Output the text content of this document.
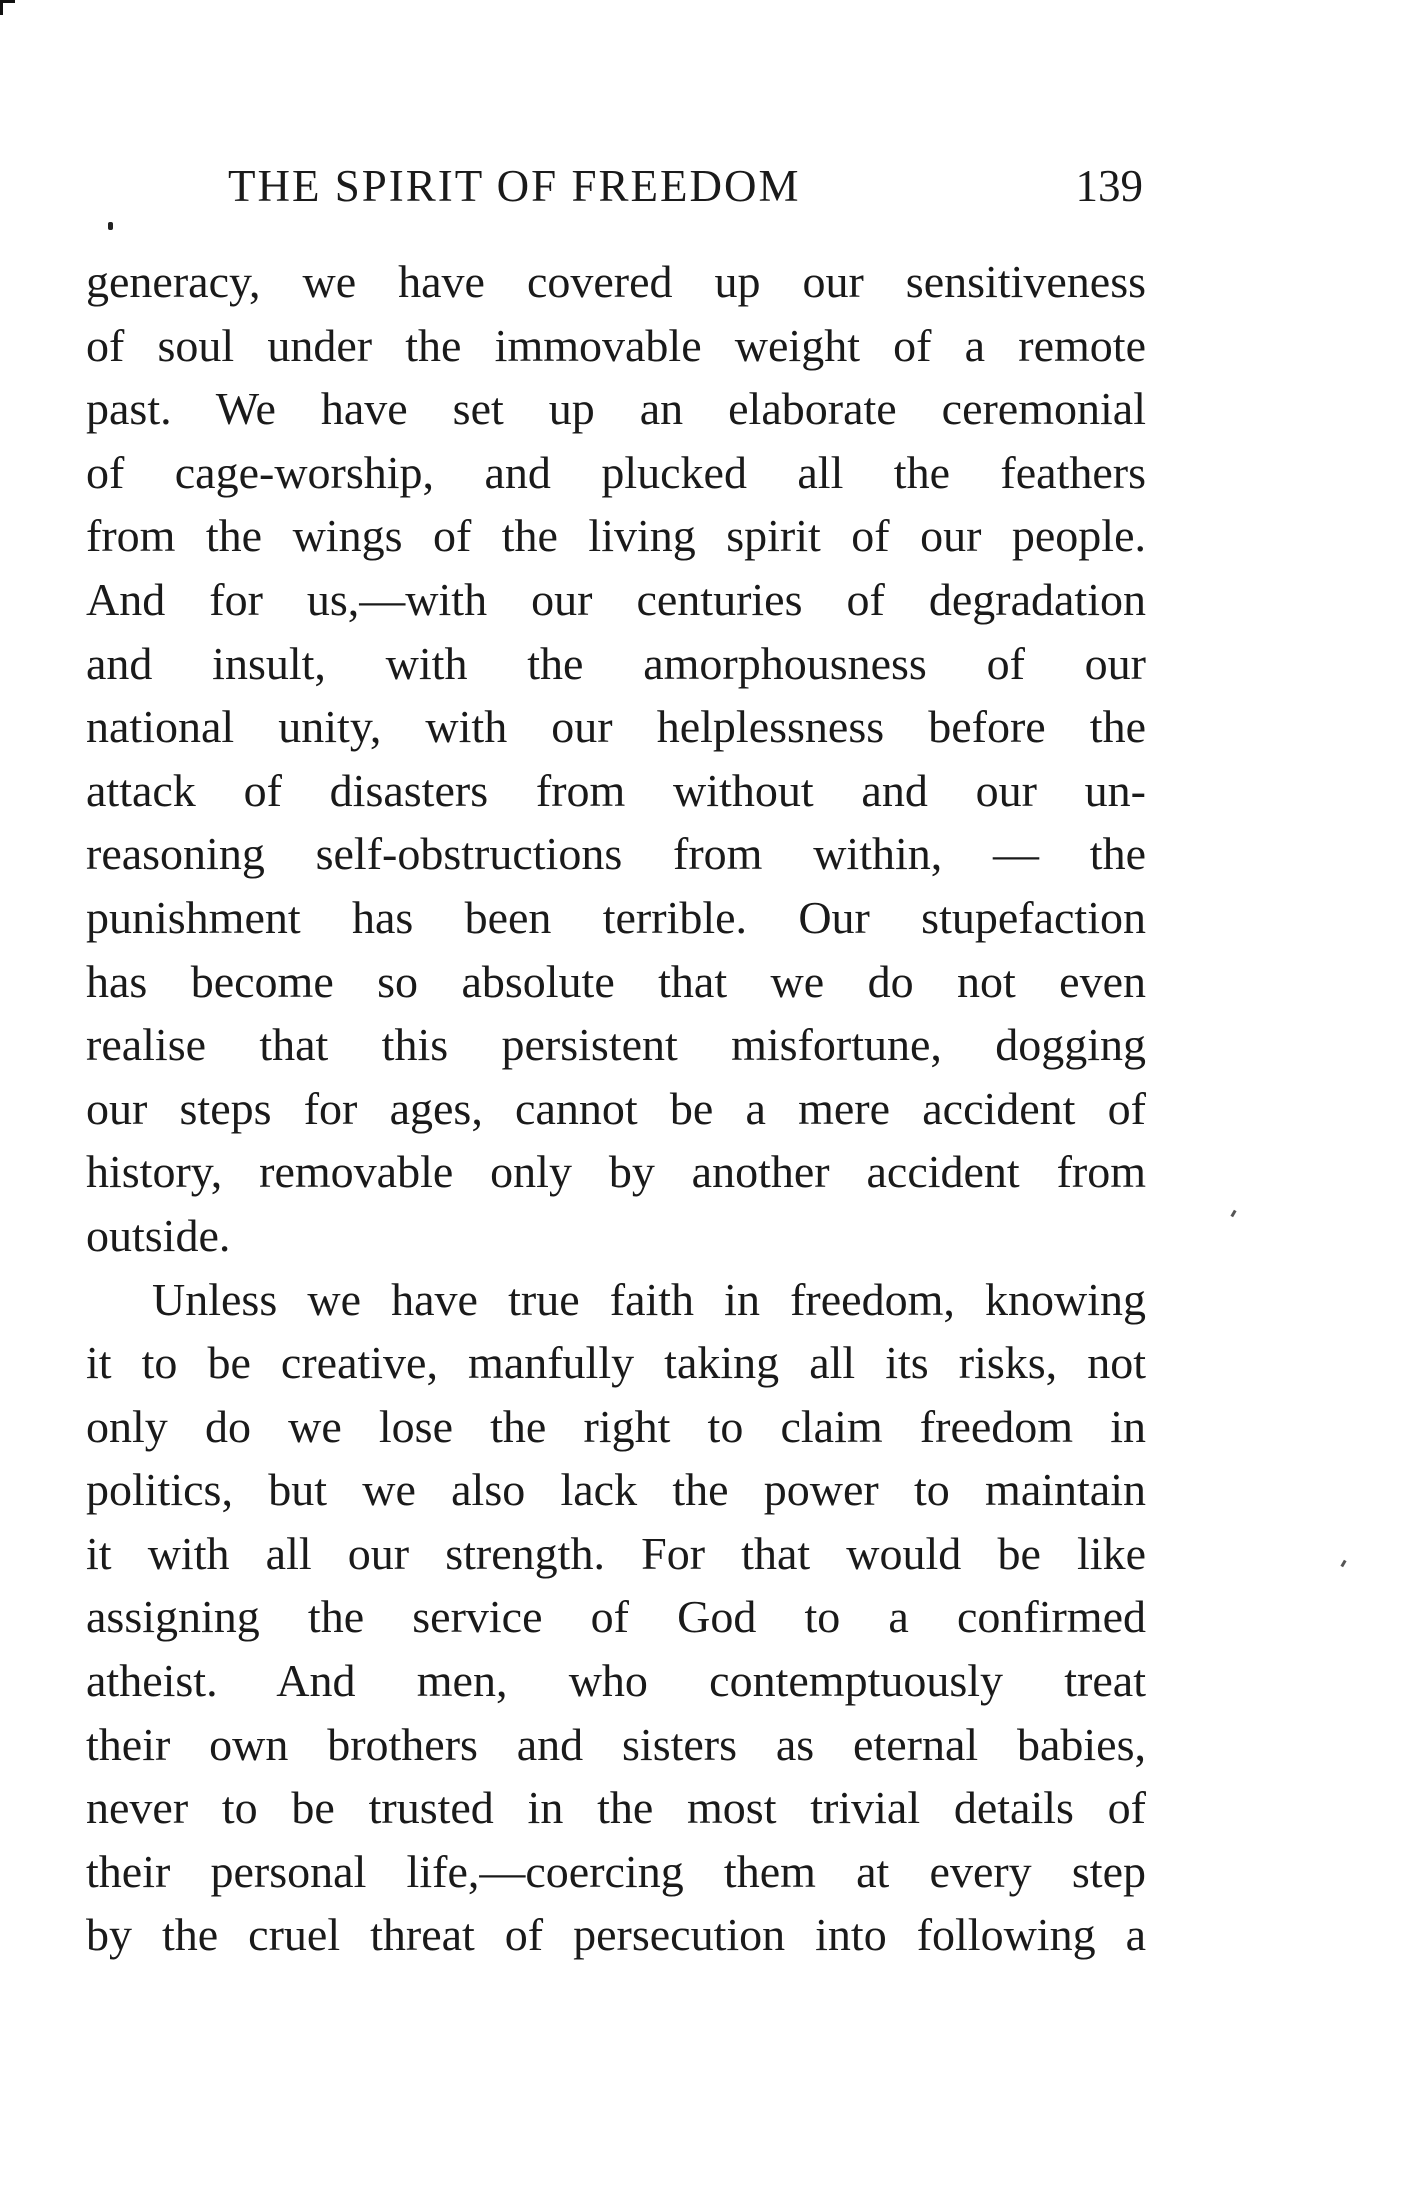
THE SPIRIT OF FREEDOM	139
generacy, we have covered up our sensitiveness
of soul under the immovable weight of a remote
past. We have set up an elaborate ceremonial
of cage-worship, and plucked all the feathers
from the wings of the living spirit of our people.
And for us,—with our centuries of degradation
and insult, with the amorphousness of our
national unity, with our helplessness before the
attack of disasters from without and our un-
reasoning self-obstructions from within, — the
punishment has been terrible. Our stupefaction
has become so absolute that we do not even
realise that this persistent misfortune, dogging
our steps for ages, cannot be a mere accident of
history, removable only by another accident from
outside.
Unless we have true faith in freedom, knowing
it to be creative, manfully taking all its risks, not
only do we lose the right to claim freedom in
politics, but we also lack the power to maintain
it with all our strength. For that would be like
assigning the service of God to a confirmed
atheist. And men, who contemptuously treat
their own brothers and sisters as eternal babies,
never to be trusted in the most trivial details of
their personal life,—coercing them at every step
by the cruel threat of persecution into following a
